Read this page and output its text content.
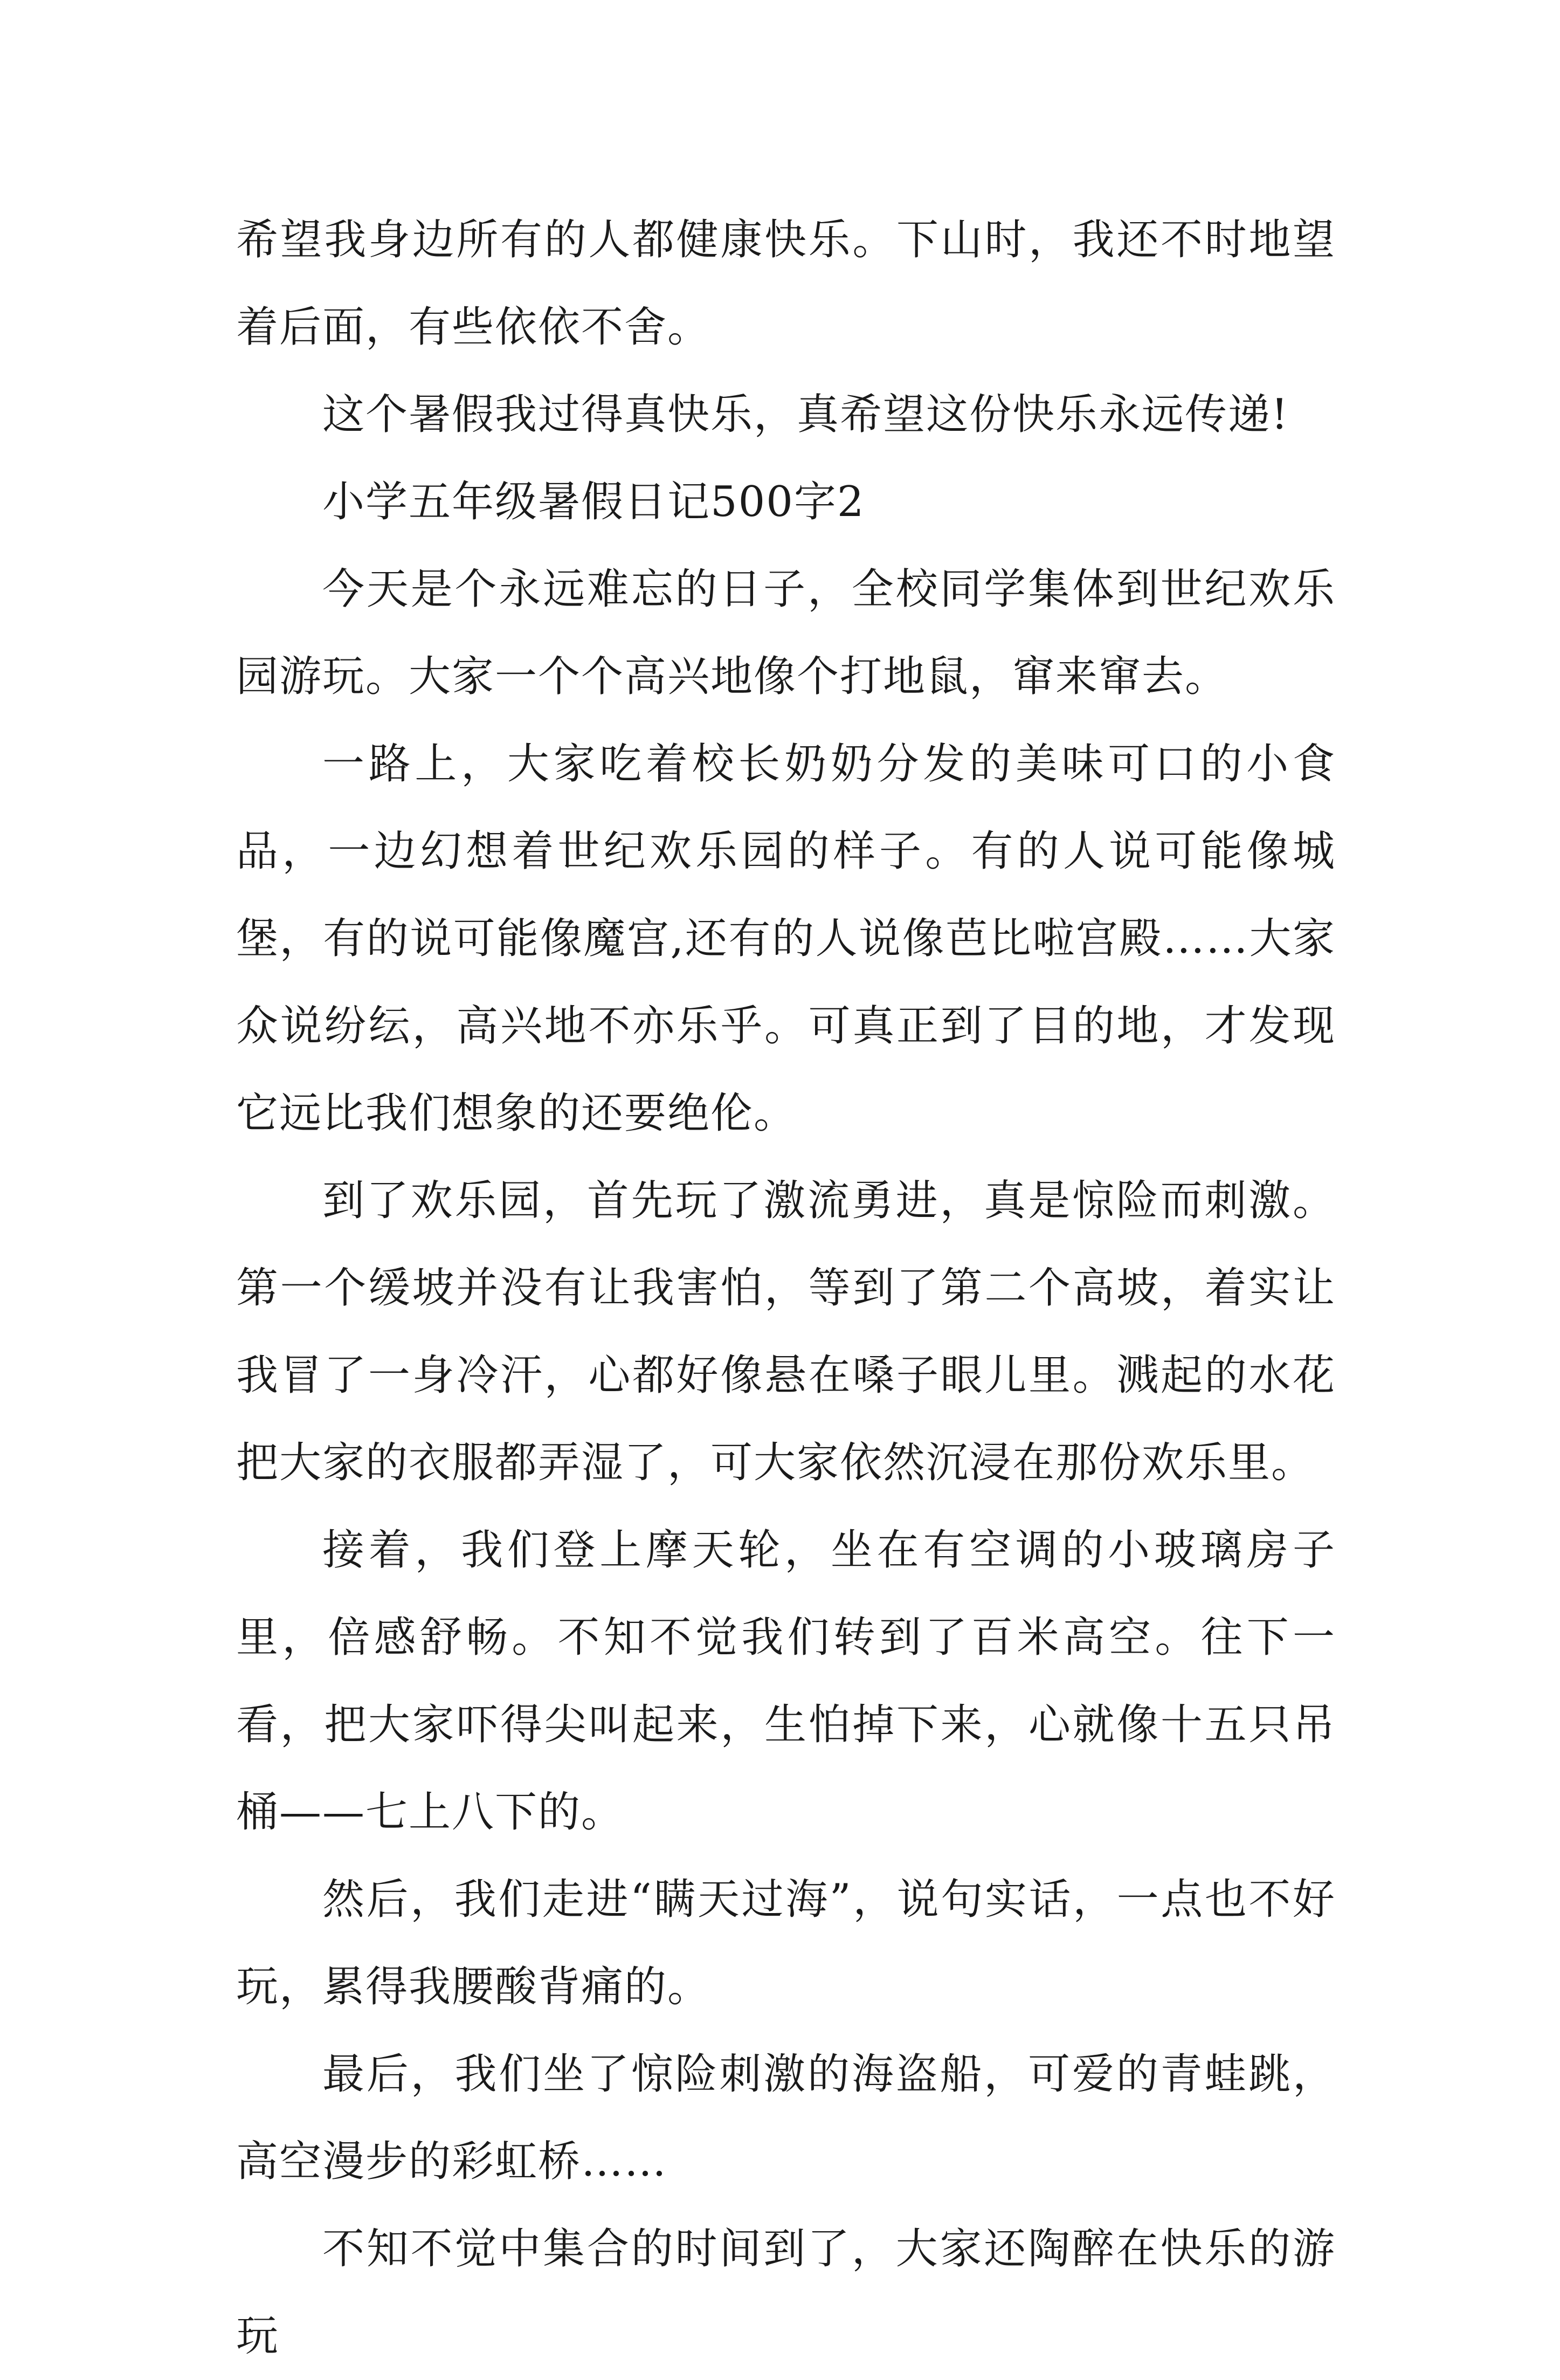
希望我身边所有的人都健康快乐。下山时，我还不时地望着后面，有些依依不舍。

这个暑假我过得真快乐，真希望这份快乐永远传递!

小学五年级暑假日记500字2

今天是个永远难忘的日子，全校同学集体到世纪欢乐园游玩。大家一个个高兴地像个打地鼠，窜来窜去。

一路上，大家吃着校长奶奶分发的美味可口的小食品，一边幻想着世纪欢乐园的样子。有的人说可能像城堡，有的说可能像魔宫,还有的人说像芭比啦宫殿……大家众说纷纭，高兴地不亦乐乎。可真正到了目的地，才发现它远比我们想象的还要绝伦。

到了欢乐园，首先玩了激流勇进，真是惊险而刺激。第一个缓坡并没有让我害怕，等到了第二个高坡，着实让我冒了一身冷汗，心都好像悬在嗓子眼儿里。溅起的水花把大家的衣服都弄湿了，可大家依然沉浸在那份欢乐里。

接着，我们登上摩天轮，坐在有空调的小玻璃房子里，倍感舒畅。不知不觉我们转到了百米高空。往下一看，把大家吓得尖叫起来，生怕掉下来，心就像十五只吊桶——七上八下的。

然后，我们走进“瞒天过海”，说句实话，一点也不好玩，累得我腰酸背痛的。

最后，我们坐了惊险刺激的海盗船，可爱的青蛙跳，高空漫步的彩虹桥……

不知不觉中集合的时间到了，大家还陶醉在快乐的游玩
